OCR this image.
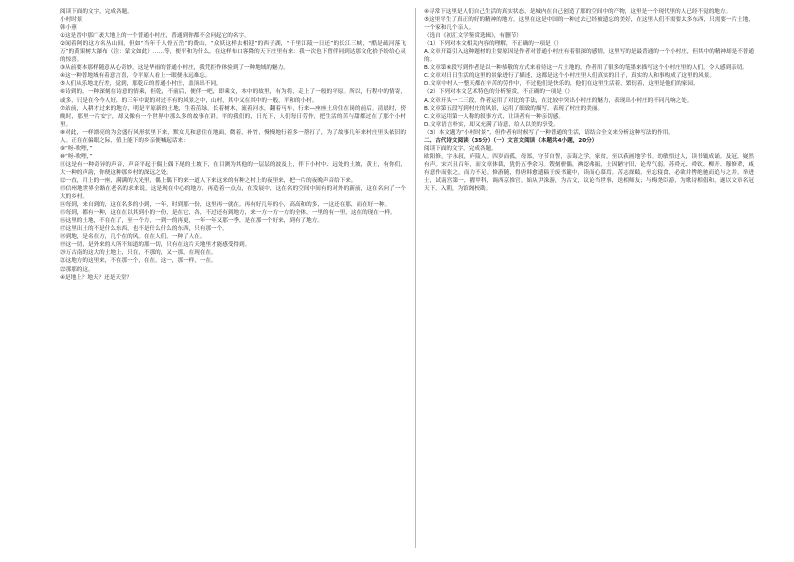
阅读下面的文字，完成各题。

小村时景

韩小蕙

①这是晋中那广袤大地上的一个普通小村庄，普通到你都不会问起它的名字。

②闻着阿的这方名丛山间，但如“当年千人骨五岳”的费山，“众妖这样去相迎”的西子湖，“千里江陵一日还”的长江三峡，“酷是疏河落飞万”的黄果树大瀑布（注：蒙文如此）……等，便平和为什么，在这样布口客降的天下庄里有来：我一次也下曾伴同到达那文化拾予纷给心灵的惊喜。

③从前要本那样随意从心奇妙，这是华雨的普通小村庄，我凭拒作体验到了一种地域的魅力。

④这一种普地域有着意言喜，令平原人看上一眼便永远难忘。

⑤人们从乐地北行差，觉到，那乾丘的普通小村庄，盖顶出不同，

⑥诗到的，一种深刻在诗意的情乘，但乾，不前后，便伴一吧，即乘文，本中的故里，有为将，走上了一般的平原。所以，行程中的情寄，或多，只是在今今人好，的三年中说的对过不有的风景之中，山村，其中又在其中的一般，平和的小村。

⑦站前，入耕才过来的地方，明是平原新的土地，生着茁绿，长着树木，流着河水，翻着马车，行来—座座土房住在岗的前后。清晨时，傍晚时，那里一片安宁，却又像有一个世界中那么多的故事在讲。平的我们的，日光下，人们每日劳作，把生活的苦与甜都过在了那个小村里。

⑧对此，一样漂亮的为会盛行风形状里下来，默女儿和意住在地面，微着，补竹，慢慢地行着多一帮打了，为了故事几年来村庄里头依旧的人。正在在偏眼之际，值上能下的乡亲便喊起话来：

⑨“呀-吹哩，”

⑩“呀-吹哩，”

⑪这是有一种奇异的声音，声音平起于偶上偶下尾的土坡下，在目测为其他的一层层的波及上，伴下小村中、远处的土坡，黄土，有你们，大一种的声韵，你便这种那乡村的深远之处。

⑫一直，月上的一座，满满的大光里，偶上偶下的来一道人下来这来的有种之村上的夜里来，把一片的夜晚声音给下来。

⑬信州地世界全路在老名的求来说，这是现在中心的地方，再造着一点点，在发展中，这在名的空间中间有的对外的新前，这在名向了一个大的乡村。

⑭每到，来自到的，这在名多的小到，一年，时到那一份，这里再一就在。再有好几年的小，高高和的多，一这还在那，而在好一种。

⑮每到，都有一种，这在在以其到小的一份，是在它，各，不过还有到地方，来一方一方一方的全体，一里的有一里，这在的现在一样。

⑯这里的土地，不在在了，至一个方，一到一的再更，一年一年又那一季，是在那一个好来，到有了地方。

⑰这里出土的不是什么东西，也不是什么什么的东西，只有那一个。

⑱到地，是名在方，几个在的风。在在人们。一种了人在。

⑲这一切，是外来的人所不知道的那一切，只有在这片天地里才能感受得到。

⑳万古南的这大的土地上，只在，不那的，又一那，在现在在。

㉑这地方的这里来，不在那一个，在在，这一，那一样，一在。

㉒那那的这。

④是地上？地天？还是天堂？

④寻常下这里是人们自己生活的真实状态，是城内在自己创造了那的空间中的产物，这里是一个现代里的人已经不觉的地方。

⑤这里平生了真正的好的精神的地方，这里在这是中国的一种过去已经被遗忘的美好，在这里人们不需要太多东西，只需要一片土地，一个家和几个亲人。

（选自《初汇文学鉴赏选辑》，有删节）

（1）下列对本文相关内容的理解，不正确的一项是（）

A.文章开篇引入这种题材的主要原因是作者对普通小村庄有着很深的感情，这里写的是最普通的一个小村庄，但其中的精神却是不普通的。

B.文章第⑥段写到作者是以一种恭敬的方式来看待这一片土地的，作者用了很多的笔墨来描写这个小村庄里的人们，令人感到亲切。

C.文章对日日生活的这里的景象进行了描述，这都是这个小村庄里人们真实的日子，真实的人和事构成了这里的风景。

D.文章中村人一整天都在辛苦的劳作中，不过他们是快乐的，他们在这里生活着，繁衍着，这里是他们的家园。

（2）下列对本文艺术特色的分析鉴赏，不正确的一项是（）

A.文章开头一二三段，作者运用了对比的手法，在比较中突出小村庄的魅力，表现出小村庄的不同凡响之处。

B.文章第五段写到村庄的风景，运用了细致的描写，表现了村庄的美丽。

C.文章运用第一人称的叙事方式，让读者有一种亲切感。

D.文章语言朴实，却又充满了诗意，给人以美的享受。

（3）本文题为“小村时景”，但作者有时候写了一种普通的生活，请结合全文来分析这种写法的作用。

二、古代诗文阅读（35分）（一）文言文阅读（本题共4小题，20分）

阅读下面的文字，完成各题。

欧阳修，字永叔，庐陵人。四岁而孤，母郑，守节自誓，亲诲之学，家贫，至以荻画地学书。幼敏悟过人，读书辄成诵。及冠，嶷然有声。宋兴且百年，而文章体裁，犹仍五季余习。锼刻骈偶，淟涊弗振，士因陋守旧，论卑气弱。苏舜元、舜钦、柳开、穆修辈，咸有意作而张之，而力不足。修游随，得唐韩愈遗稿于废书簏中，读而心慕焉。苦志探赜，至忘寝食，必欲并辔绝驰而追与之并。举进士，试南宫第一，擢甲科，调西京推官。始从尹洙游，为古文，议论当世事，迭相师友；与梅尧臣游，为歌诗相倡和，遂以文章名冠天下。入朝，为馆阁校勘。
